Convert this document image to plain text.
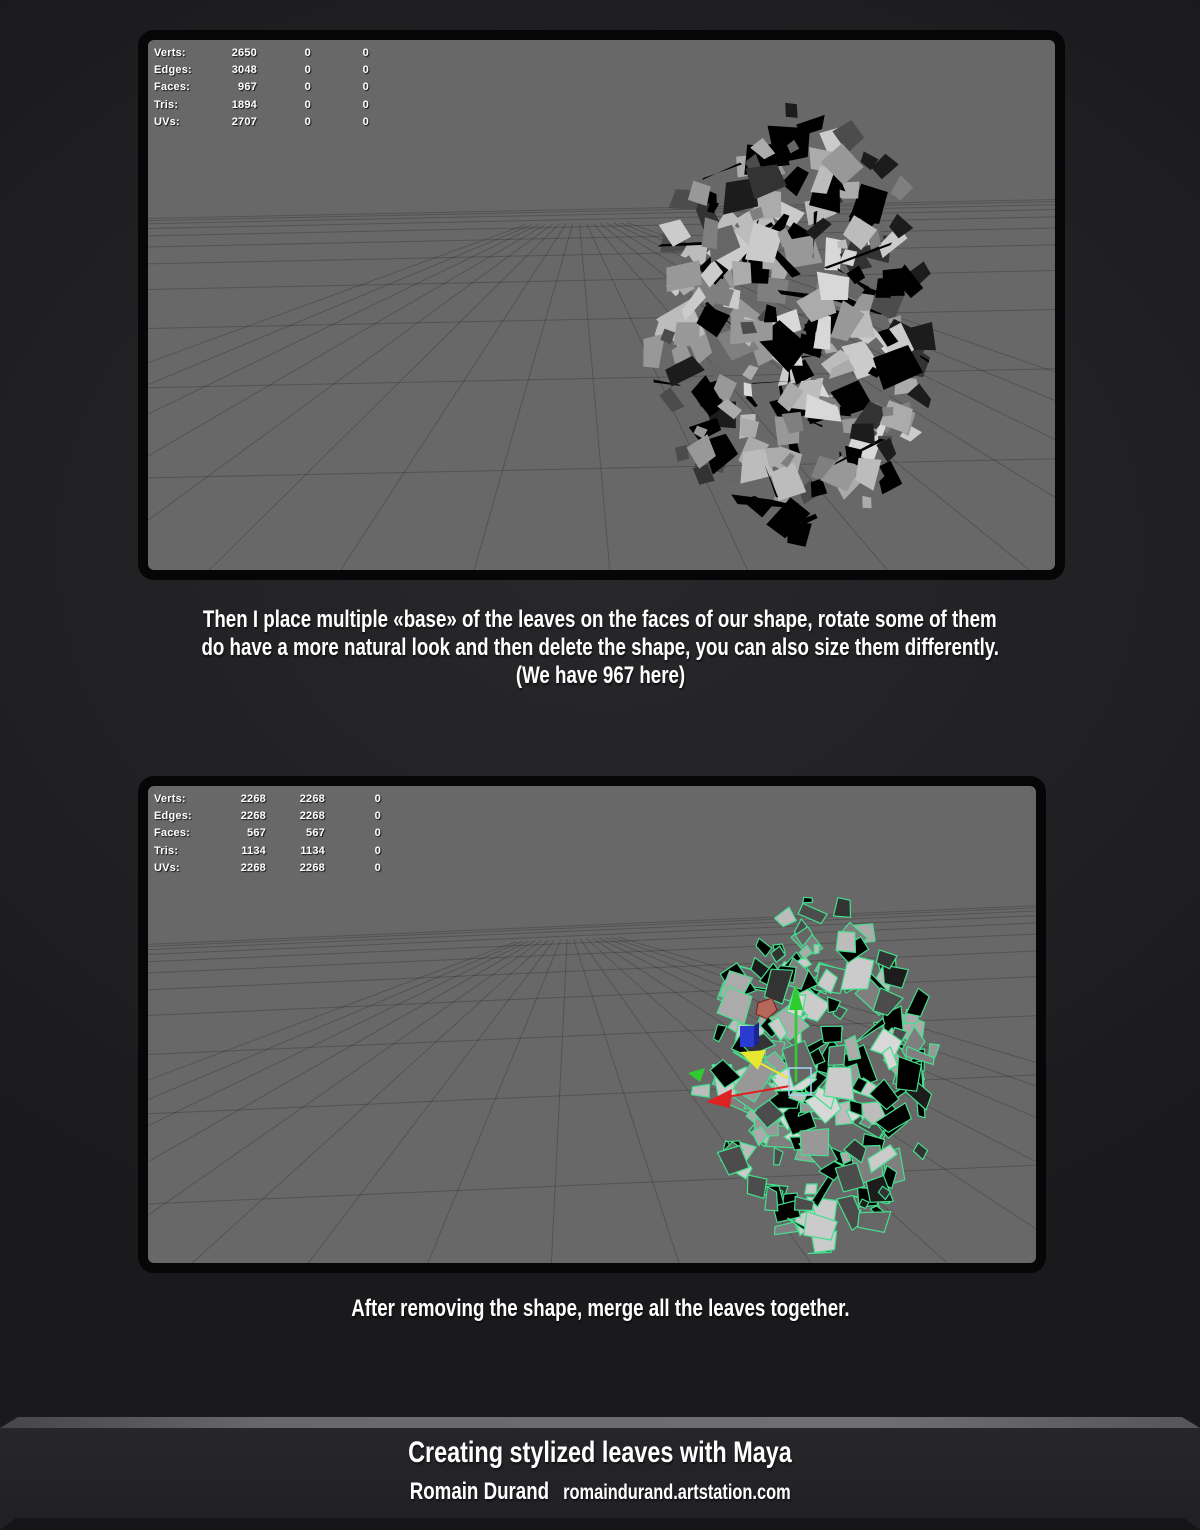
Verts:	2650	0	0
Edges:	3048	0	0
Faces:	967	0	0
Tris:	1894	0	0
UVs:	2707	0	0
Then I place multiple «base» of the leaves on the faces of our shape, rotate some of them
do have a more natural look and then delete the shape, you can also size them differently.
(We have 967 here)
Verts:	2268	2268	0
Edges:	2268	2268	0
Faces:	567	567	0
Tris:	1134	1134	0
UVs:	2268	2268	0
After removing the shape, merge all the leaves together.
Creating stylized leaves with Maya
Romain Durand romaindurand.artstation.com
